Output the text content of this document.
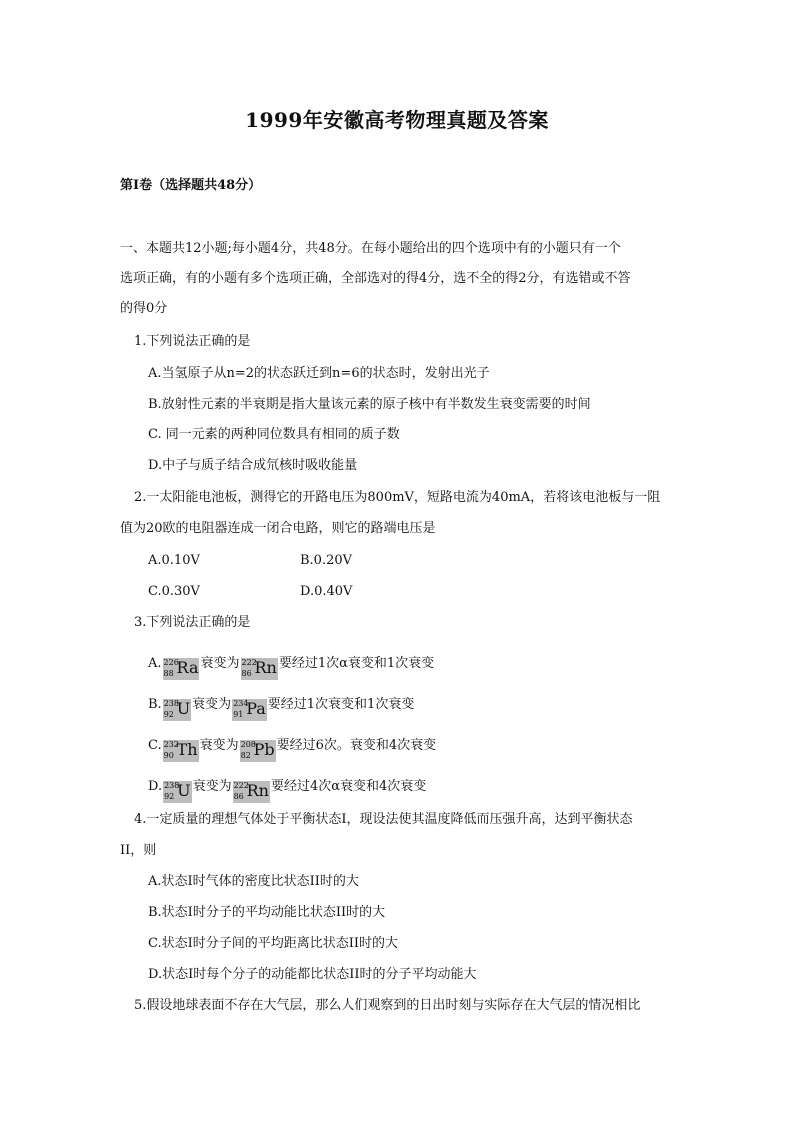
1999年安徽高考物理真题及答案
第Ⅰ卷（选择题共48分）
一、本题共12小题;每小题4分，共48分。在每小题给出的四个选项中有的小题只有一个
选项正确，有的小题有多个选项正确，全部选对的得4分，选不全的得2分，有选错或不答
的得0分
1.下列说法正确的是
A.当氢原子从n=2的状态跃迁到n=6的状态时，发射出光子
B.放射性元素的半衰期是指大量该元素的原子核中有半数发生衰变需要的时间
C. 同一元素的两种同位数具有相同的质子数
D.中子与质子结合成氘核时吸收能量
2.一太阳能电池板，测得它的开路电压为800mV，短路电流为40mA，若将该电池板与一阻
值为20欧的电阻器连成一闭合电路，则它的路端电压是
A.0.10V	B.0.20V
C.0.30V	D.0.40V
3.下列说法正确的是
A. 226
88 Ra 衰变为 222
86 Rn 要经过1次α衰变和1次衰变
B. 238
92 U 衰变为 234
91 Pa 要经过1次衰变和1次衰变
C. 232
90 Th 衰变为 208
82 Pb 要经过6次。衰变和4次衰变
D. 238
92 U 衰变为 222
86 Rn 要经过4次α衰变和4次衰变
4.一定质量的理想气体处于平衡状态I，现设法使其温度降低而压强升高，达到平衡状态
II，则
A.状态I时气体的密度比状态II时的大
B.状态I时分子的平均动能比状态II时的大
C.状态I时分子间的平均距离比状态II时的大
D.状态I时每个分子的动能都比状态II时的分子平均动能大
5.假设地球表面不存在大气层，那么人们观察到的日出时刻与实际存在大气层的情况相比
